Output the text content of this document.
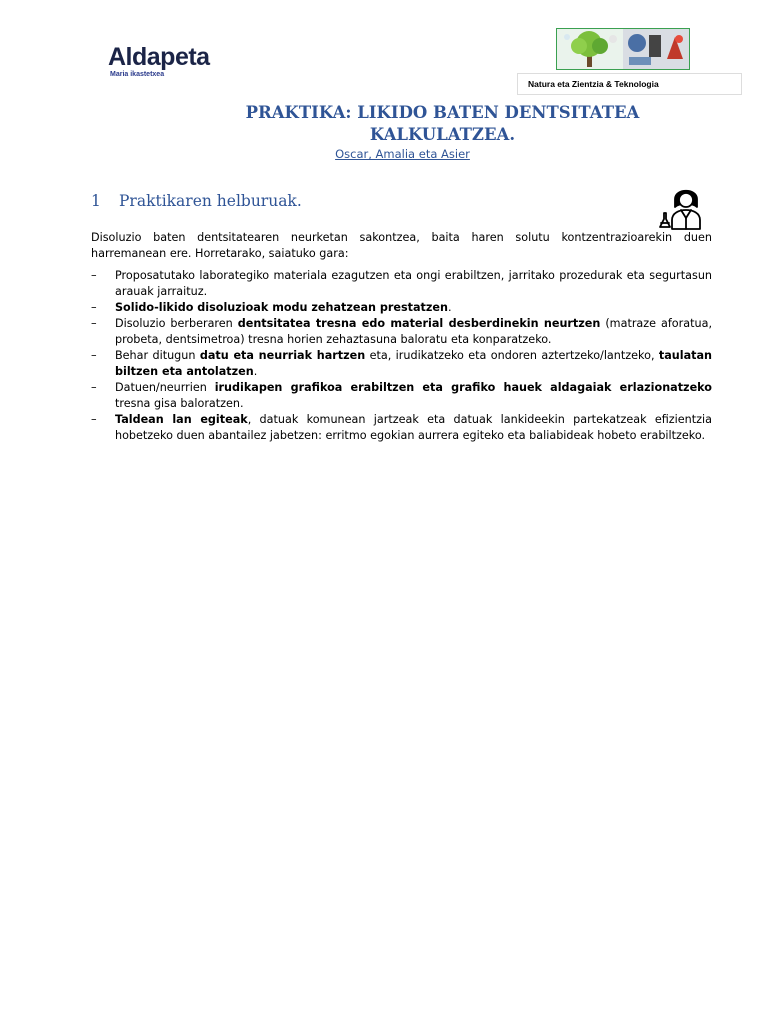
Aldapeta
Maria ikastetxea
Natura eta Zientzia & Teknologia
PRAKTIKA: LIKIDO BATEN DENTSITATEA
KALKULATZEA.
Oscar, Amalia eta Asier
1 Praktikaren helburuak.

Disoluzio baten dentsitatearen neurketan sakontzea, baita haren solutu kontzentrazioarekin duen harremanean ere. Horretarako, saiatuko gara:

– Proposatutako laborategiko materiala ezagutzen eta ongi erabiltzen, jarritako prozedurak eta segurtasun arauak jarraituz.
– Solido-likido disoluzioak modu zehatzean prestatzen.
– Disoluzio berberaren dentsitatea tresna edo material desberdinekin neurtzen (matraze aforatua, probeta, dentsimetroa) tresna horien zehaztasuna baloratu eta konparatzeko.
– Behar ditugun datu eta neurriak hartzen eta, irudikatzeko eta ondoren aztertzeko/lantzeko, taulatan biltzen eta antolatzen.
– Datuen/neurrien irudikapen grafikoa erabiltzen eta grafiko hauek aldagaiak erlazionatzeko tresna gisa baloratzen.
– Taldean lan egiteak, datuak komunean jartzeak eta datuak lankideekin partekatzeak efizientzia hobetzeko duen abantailez jabetzen: erritmo egokian aurrera egiteko eta baliabideak hobeto erabiltzeko.
